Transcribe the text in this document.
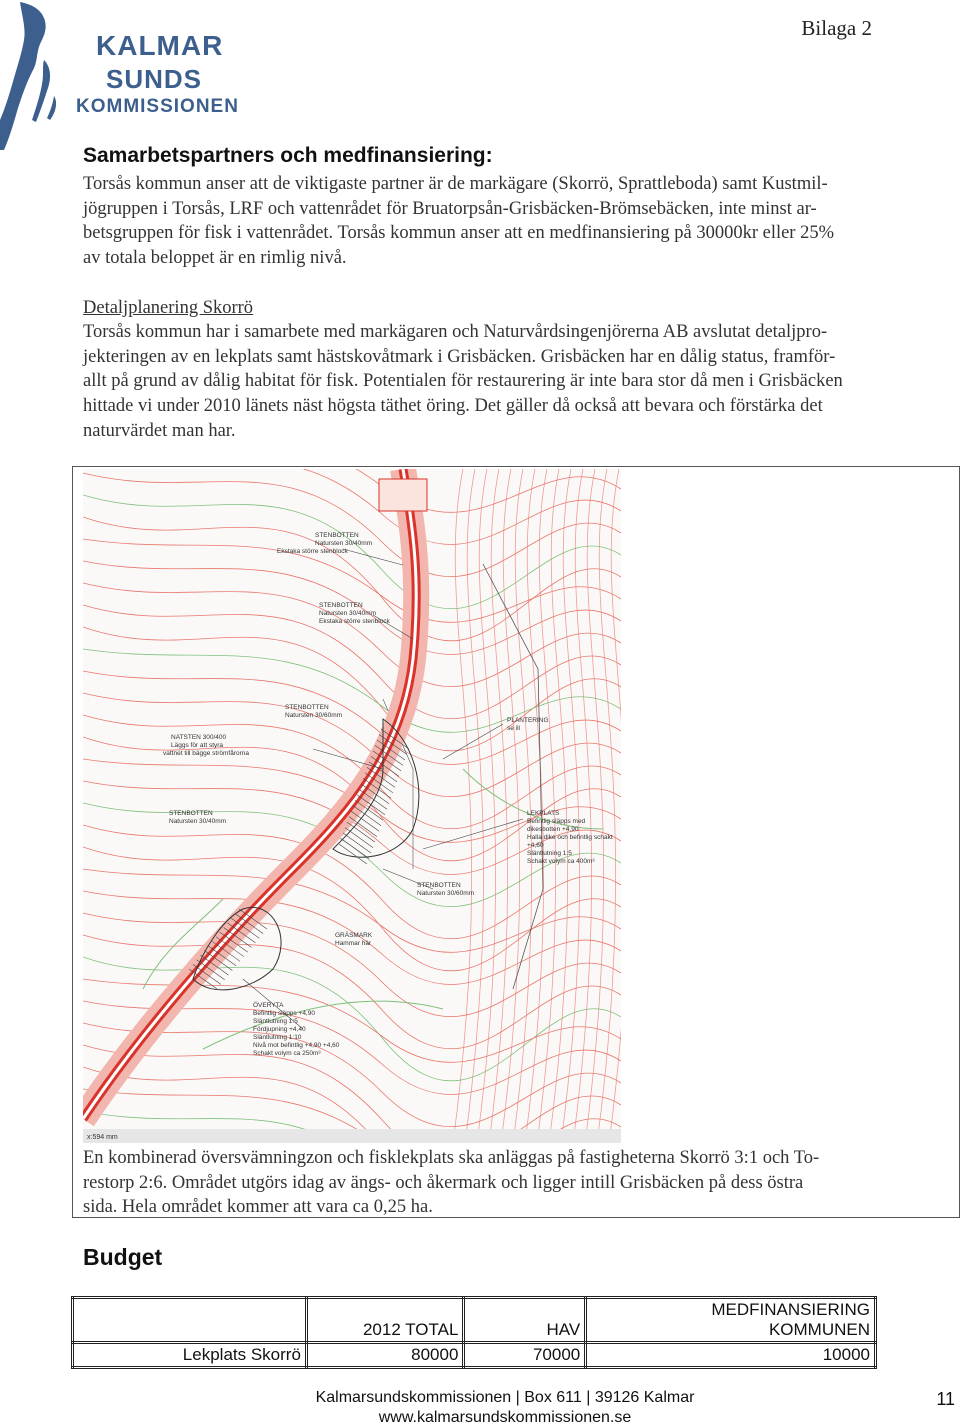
KALMAR
SUNDS
KOMMISSIONEN
Bilaga 2
Samarbetspartners och medfinansiering:
Torsås kommun anser att de viktigaste partner är de markägare (Skorrö, Sprattleboda) samt Kustmil-
jögruppen i Torsås, LRF och vattenrådet för Bruatorpsån-Grisbäcken-Brömsebäcken, inte minst ar-
betsgruppen för fisk i vattenrådet. Torsås kommun anser att en medfinansiering på 30000kr eller 25%
av totala beloppet är en rimlig nivå.
Detaljplanering Skorrö
Torsås kommun har i samarbete med markägaren och Naturvårdsingenjörerna AB avslutat detaljpro-
jekteringen av en lekplats samt hästskovåtmark i Grisbäcken. Grisbäcken har en dålig status, framför-
allt på grund av dålig habitat för fisk. Potentialen för restaurering är inte bara stor då men i Grisbäcken
hittade vi under 2010 länets näst högsta täthet öring. Det gäller då också att bevara och förstärka det
naturvärdet man har.
STENBOTTEN
Natursten 30/40mm
Ekstaka större stenblock
STENBOTTEN
Natursten 30/40mm
Ekstaka större stenblock
STENBOTTEN
Natursten 30/60mm
NATSTEN 300/400
Läggs för att styra
vattnet till bägge strömfårorna
PLANTERING
se ill
STENBOTTEN
Natursten 30/40mm
LEKPLATS
Befintlig släpps med
dikesbotten +4,90
Halla dike och befintlig schakt
+4,60
Släntlutning 1:5
Schakt volym ca 400m³
STENBOTTEN
Natursten 30/60mm
GRÄSMARK
Hammar här
ÖVERYTA
Befintlig släpps +4,90
Släntlutning 1:5
Fördjupning +4,40
Släntlutning 1:10
Nivå mot befintlig +4,90 +4,60
Schakt volym ca 250m³
x:594 mm
En kombinerad översvämningzon och fisklekplats ska anläggas på fastigheterna Skorrö 3:1 och To-
restorp 2:6. Området utgörs idag av ängs- och åkermark och ligger intill Grisbäcken på dess östra
sida. Hela området kommer att vara ca 0,25 ha.
Budget
	2012 TOTAL	HAV	MEDFINANSIERING KOMMUNEN
Lekplats Skorrö	80000	70000	10000
Kalmarsundskommissionen | Box 611 | 39126 Kalmar
www.kalmarsundskommissionen.se
11
